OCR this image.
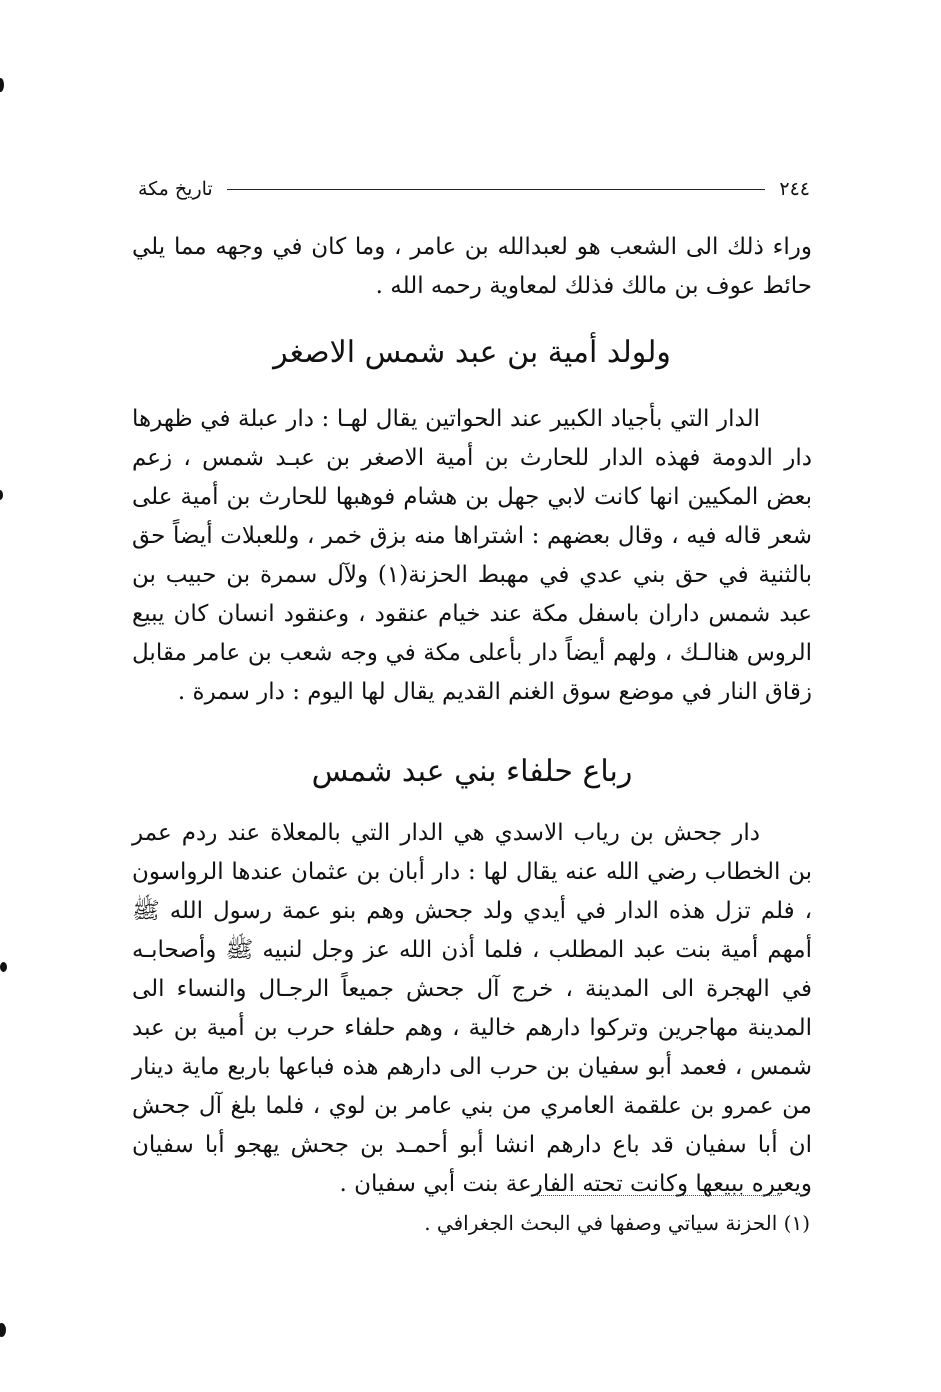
٢٤٤
تاريخ مكة

وراء ذلك الى الشعب هو لعبدالله بن عامر ، وما كان في وجهه مما يلي حائط عوف بن مالك فذلك لمعاوية رحمه الله .

ولولد أمية بن عبد شمس الاصغر

الدار التي بأجياد الكبير عند الحواتين يقال لهـا : دار عبلة في ظهرها دار الدومة فهذه الدار للحارث بن أمية الاصغر بن عبـد شمس ، زعم بعض المكيين انها كانت لابي جهل بن هشام فوهبها للحارث بن أمية على شعر قاله فيه ، وقال بعضهم : اشتراها منه بزق خمر ، وللعبلات أيضاً حق بالثنية في حق بني عدي في مهبط الحزنة(١) ولآل سمرة بن حبيب بن عبد شمس داران باسفل مكة عند خيام عنقود ، وعنقود انسان كان يبيع الروس هنالـك ، ولهم أيضاً دار بأعلى مكة في وجه شعب بن عامر مقابل زقاق النار في موضع سوق الغنم القديم يقال لها اليوم : دار سمرة .

رباع حلفاء بني عبد شمس

دار جحش بن رياب الاسدي هي الدار التي بالمعلاة عند ردم عمر بن الخطاب رضي الله عنه يقال لها : دار أبان بن عثمان عندها الرواسون ، فلم تزل هذه الدار في أيدي ولد جحش وهم بنو عمة رسول الله ﷺ أمهم أمية بنت عبد المطلب ، فلما أذن الله عز وجل لنبيه ﷺ وأصحابـه في الهجرة الى المدينة ، خرج آل جحش جميعاً الرجـال والنساء الى المدينة مهاجرين وتركوا دارهم خالية ، وهم حلفاء حرب بن أمية بن عبد شمس ، فعمد أبو سفيان بن حرب الى دارهم هذه فباعها باربع ماية دينار من عمرو بن علقمة العامري من بني عامر بن لوي ، فلما بلغ آل جحش ان أبا سفيان قد باع دارهم انشا أبو أحمـد بن جحش يهجو أبا سفيان ويعيره ببيعها وكانت تحته الفارعة بنت أبي سفيان .

(١) الحزنة سياتي وصفها في البحث الجغرافي .
